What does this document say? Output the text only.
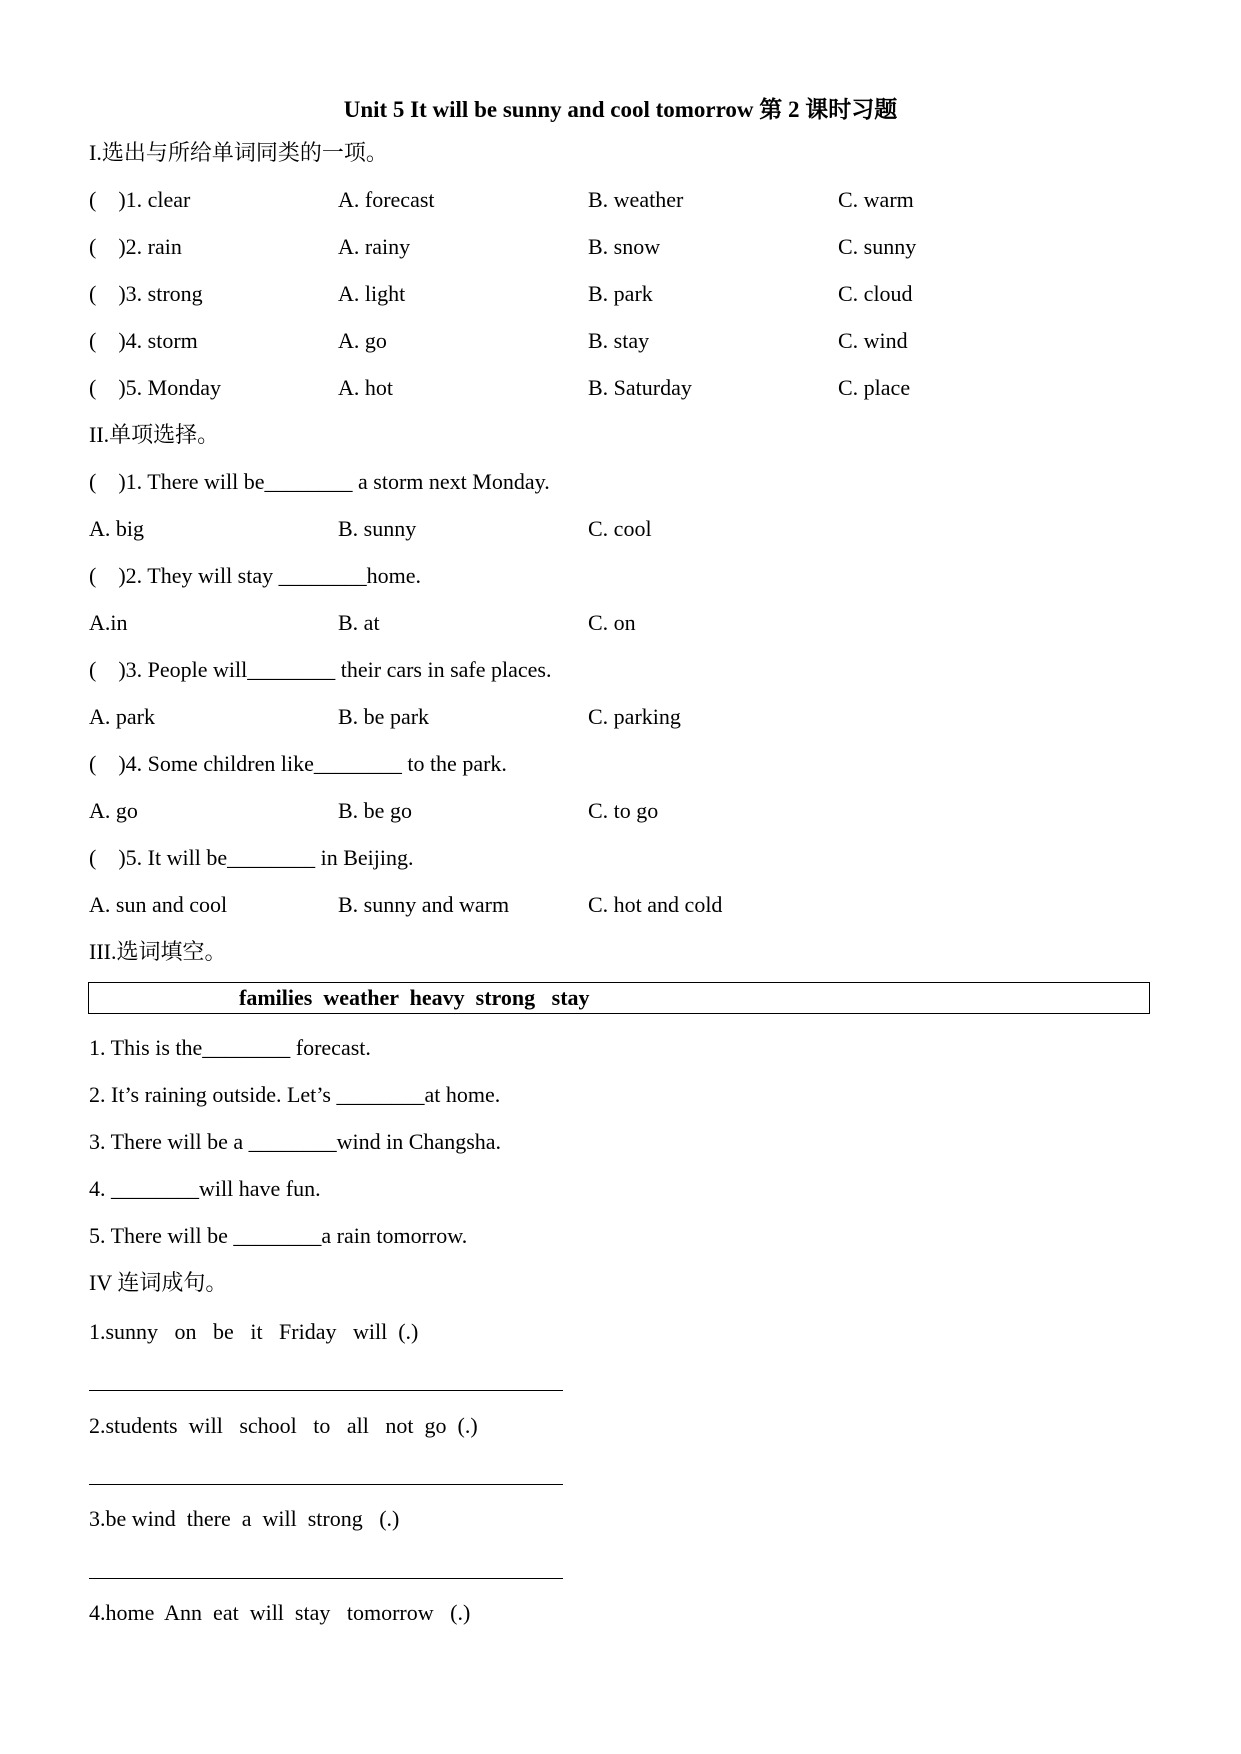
Unit 5 It will be sunny and cool tomorrow 第 2 课时习题
I.选出与所给单词同类的一项。
(    )1. clear	A. forecast	B. weather	C. warm
(    )2. rain	A. rainy	B. snow	C. sunny
(    )3. strong	A. light	B. park	C. cloud
(    )4. storm	A. go	B. stay	C. wind
(    )5. Monday	A. hot	B. Saturday	C. place
II.单项选择。
(    )1. There will be________ a storm next Monday.
A. big	B. sunny	C. cool
(    )2. They will stay ________home.
A.in	B. at	C. on
(    )3. People will________ their cars in safe places.
A. park	B. be park	C. parking
(    )4. Some children like________ to the park.
A. go	B. be go	C. to go
(    )5. It will be________ in Beijing.
A. sun and cool	B. sunny and warm	C. hot and cold
III.选词填空。
families  weather  heavy  strong   stay
1. This is the________ forecast.
2. It’s raining outside. Let’s ________at home.
3. There will be a ________wind in Changsha.
4. ________will have fun.
5. There will be ________a rain tomorrow.
IV 连词成句。
1.sunny   on   be   it   Friday   will  (.)
2.students  will   school   to   all   not  go  (.)
3.be wind  there  a  will  strong   (.)
4.home  Ann  eat  will  stay   tomorrow   (.)
